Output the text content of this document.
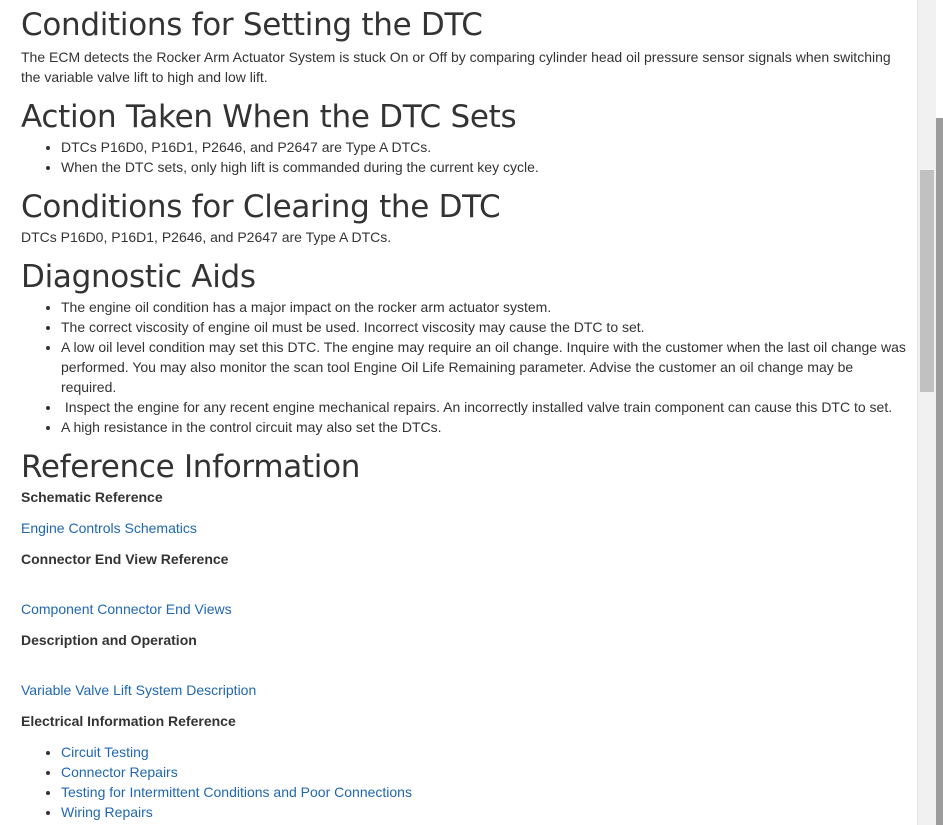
Conditions for Setting the DTC

The ECM detects the Rocker Arm Actuator System is stuck On or Off by comparing cylinder head oil pressure sensor signals when switching the variable valve lift to high and low lift.

Action Taken When the DTC Sets
• DTCs P16D0, P16D1, P2646, and P2647 are Type A DTCs.
• When the DTC sets, only high lift is commanded during the current key cycle.
Conditions for Clearing the DTC

DTCs P16D0, P16D1, P2646, and P2647 are Type A DTCs.

Diagnostic Aids
• The engine oil condition has a major impact on the rocker arm actuator system.
• The correct viscosity of engine oil must be used. Incorrect viscosity may cause the DTC to set.
• A low oil level condition may set this DTC. The engine may require an oil change. Inquire with the customer when the last oil change was performed. You may also monitor the scan tool Engine Oil Life Remaining parameter. Advise the customer an oil change may be required.
•  Inspect the engine for any recent engine mechanical repairs. An incorrectly installed valve train component can cause this DTC to set.
• A high resistance in the control circuit may also set the DTCs.
Reference Information
Schematic Reference
Engine Controls Schematics
Connector End View Reference
Component Connector End Views
Description and Operation
Variable Valve Lift System Description
Electrical Information Reference
• Circuit Testing
• Connector Repairs
• Testing for Intermittent Conditions and Poor Connections
• Wiring Repairs
